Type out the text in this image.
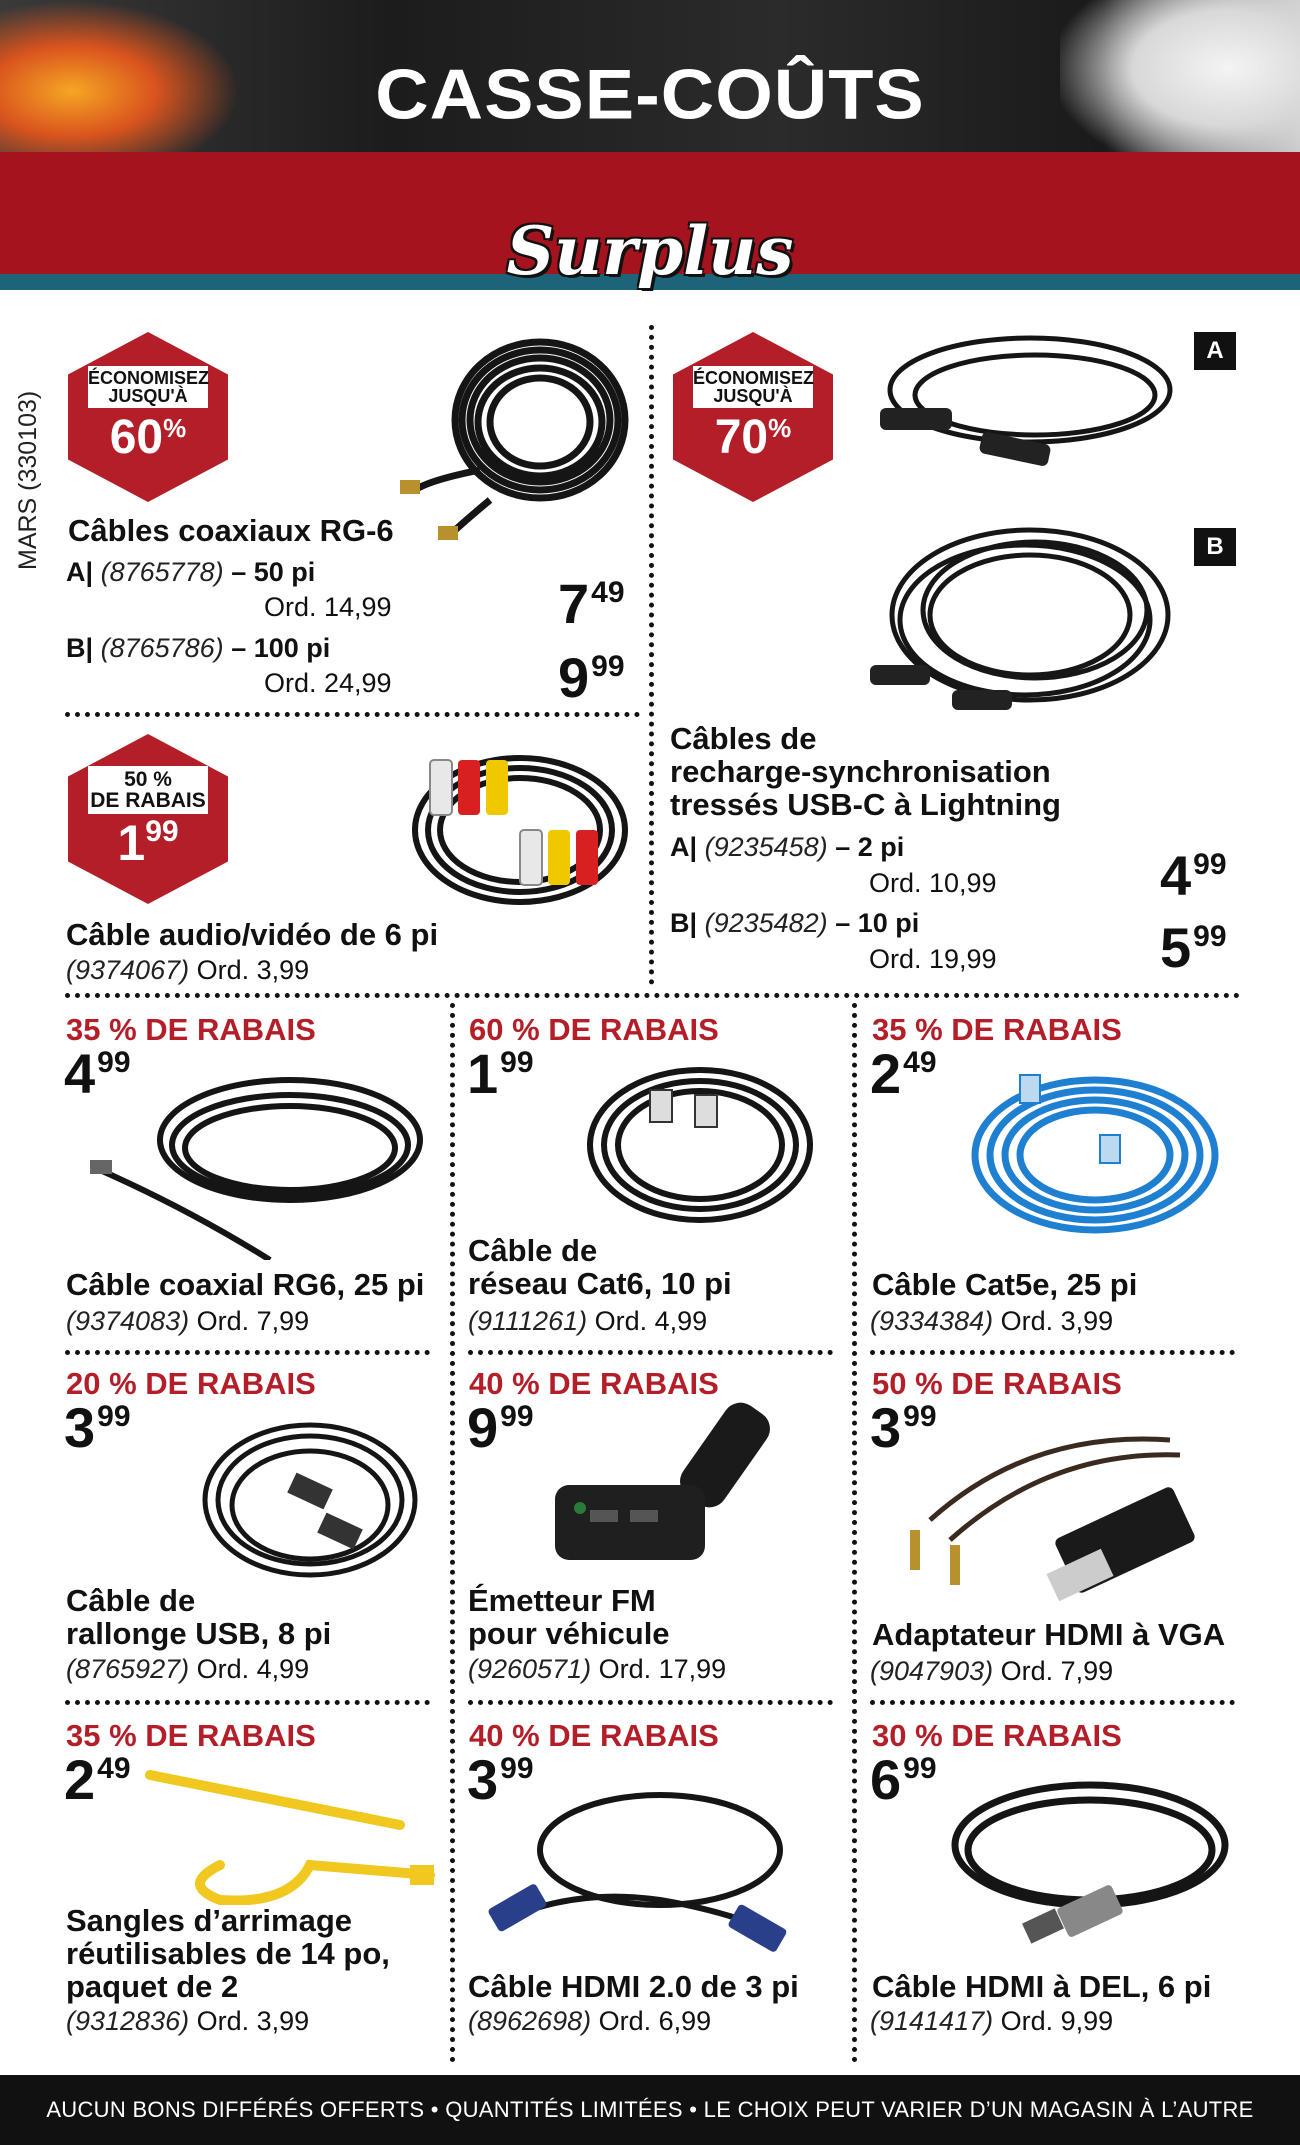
CASSE-COÛTS
Surplus
MARS (330103)
ÉCONOMISEZ
JUSQU'À
60%
Câbles coaxiaux RG-6
A| (8765778) – 50 pi
Ord. 14,99	$7^{49}$
B| (8765786) – 100 pi
Ord. 24,99	$9^{99}$
50 %
DE RABAIS
$1^{99}$
Câble audio/vidéo de 6 pi
(9374067) Ord. 3,99
ÉCONOMISEZ
JUSQU'À
70%
A
B
Câbles de
recharge-synchronisation
tressés USB-C à Lightning
A| (9235458) – 2 pi
Ord. 10,99	$4^{99}$
B| (9235482) – 10 pi
Ord. 19,99	$5^{99}$
35 % DE RABAIS
$4^{99}$
Câble coaxial RG6, 25 pi
(9374083) Ord. 7,99
60 % DE RABAIS
$1^{99}$
Câble de
réseau Cat6, 10 pi
(9111261) Ord. 4,99
35 % DE RABAIS
$2^{49}$
Câble Cat5e, 25 pi
(9334384) Ord. 3,99
20 % DE RABAIS
$3^{99}$
Câble de
rallonge USB, 8 pi
(8765927) Ord. 4,99
40 % DE RABAIS
$9^{99}$
Émetteur FM
pour véhicule
(9260571) Ord. 17,99
50 % DE RABAIS
$3^{99}$
Adaptateur HDMI à VGA
(9047903) Ord. 7,99
35 % DE RABAIS
$2^{49}$
Sangles d’arrimage
réutilisables de 14 po,
paquet de 2
(9312836) Ord. 3,99
40 % DE RABAIS
$3^{99}$
Câble HDMI 2.0 de 3 pi
(8962698) Ord. 6,99
30 % DE RABAIS
$6^{99}$
Câble HDMI à DEL, 6 pi
(9141417) Ord. 9,99
AUCUN BONS DIFFÉRÉS OFFERTS • QUANTITÉS LIMITÉES • LE CHOIX PEUT VARIER D’UN MAGASIN À L’AUTRE
